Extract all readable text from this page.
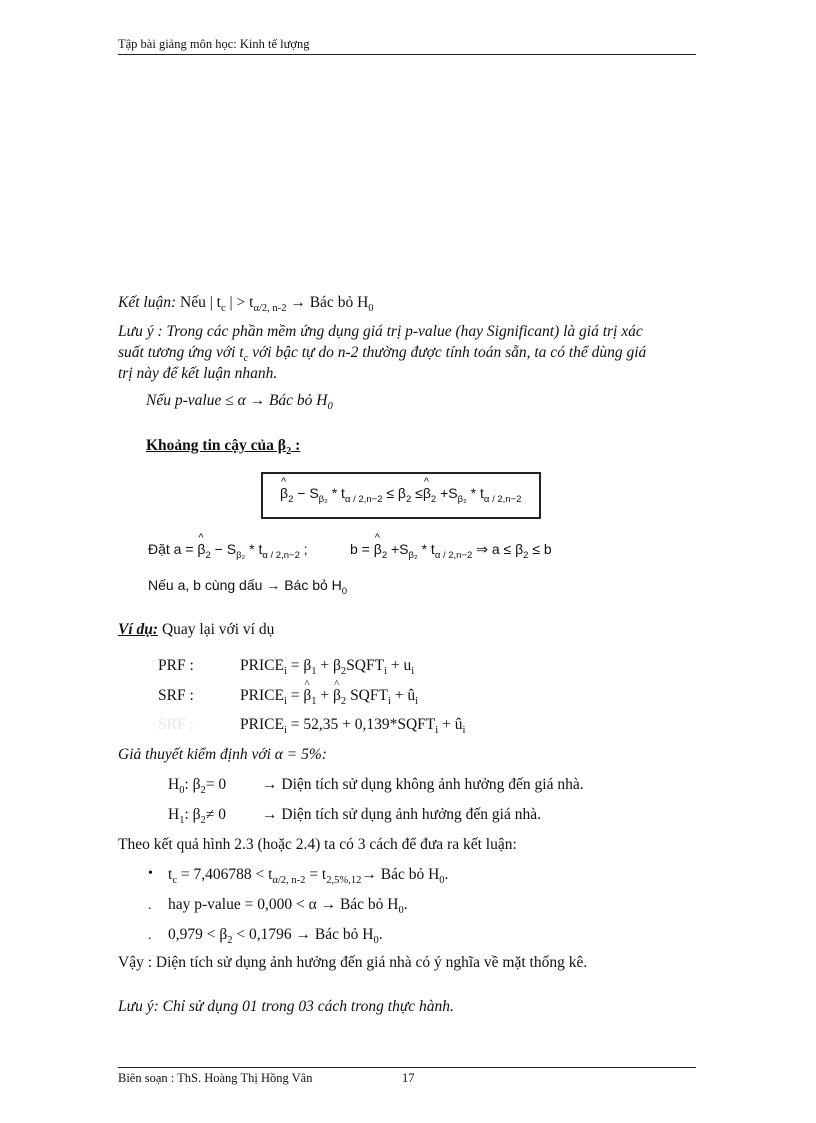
Tập bài giảng môn học: Kinh tế lượng
Kết luận: Nếu | $t_c$ | > $t_{\alpha/2, n-2}$ → Bác bỏ $H_0$
Lưu ý : Trong các phần mềm ứng dụng giá trị p-value (hay Significant) là giá trị xác
suất tương ứng với $t_c$ với bậc tự do n-2 thường được tính toán sẵn, ta có thể dùng giá
trị này để kết luận nhanh.
Nếu p-value ≤ α → Bác bỏ $H_0$
Khoảng tin cậy của $\beta_2$ :
^ $\beta_2 - S_{\beta_2} * t_{\alpha / 2,n-2} \le \beta_2$ ≤^ $\beta_2 +S_{\beta_2} * t_{\alpha / 2,n-2}$
Đặt a = ^ $\beta_2 - S_{\beta_2} * t_{\alpha / 2,n-2}$ ;	b = ^ $\beta_2 +S_{\beta_2} * t_{\alpha / 2,n-2}$ ⇒ $a \le \beta_2 \le b$
Nếu a, b cùng dấu → Bác bỏ $H_0$
Ví dụ: Quay lại với ví dụ
PRF :	$PRICE_i = \beta_1$ + $\beta_2SQFT_i + u_i$
SRF :	$PRICE_i$ = ^ $\beta_1$ + ^ $\beta_2$ $SQFT_i$ + $û_i$
SRF :	$PRICE_i = 52,35$ + $0,139*SQFT_i$ + $û_i$
Giả thuyết kiểm định với α = 5%:
$H_0$: $\beta_2= 0$ → Diện tích sử dụng không ảnh hưởng đến giá nhà.
$H_1$: $\beta_2\ne 0$ → Diện tích sử dụng ảnh hưởng đến giá nhà.
Theo kết quả hình 2.3 (hoặc 2.4) ta có 3 cách để đưa ra kết luận:
• $t_c = 7,406788 < t_{\alpha/2, n-2} = t_{2,5\%,12}\to$ Bác bỏ $H_0$.
. hay p-value = 0,000 < α → Bác bỏ $H_0$.
. $0,979 < \beta_2 < 0,1796$ → Bác bỏ $H_0$.
Vậy : Diện tích sử dụng ảnh hưởng đến giá nhà có ý nghĩa về mặt thống kê.
Lưu ý: Chỉ sử dụng 01 trong 03 cách trong thực hành.
Biên soạn : ThS. Hoàng Thị Hồng Vân	17
